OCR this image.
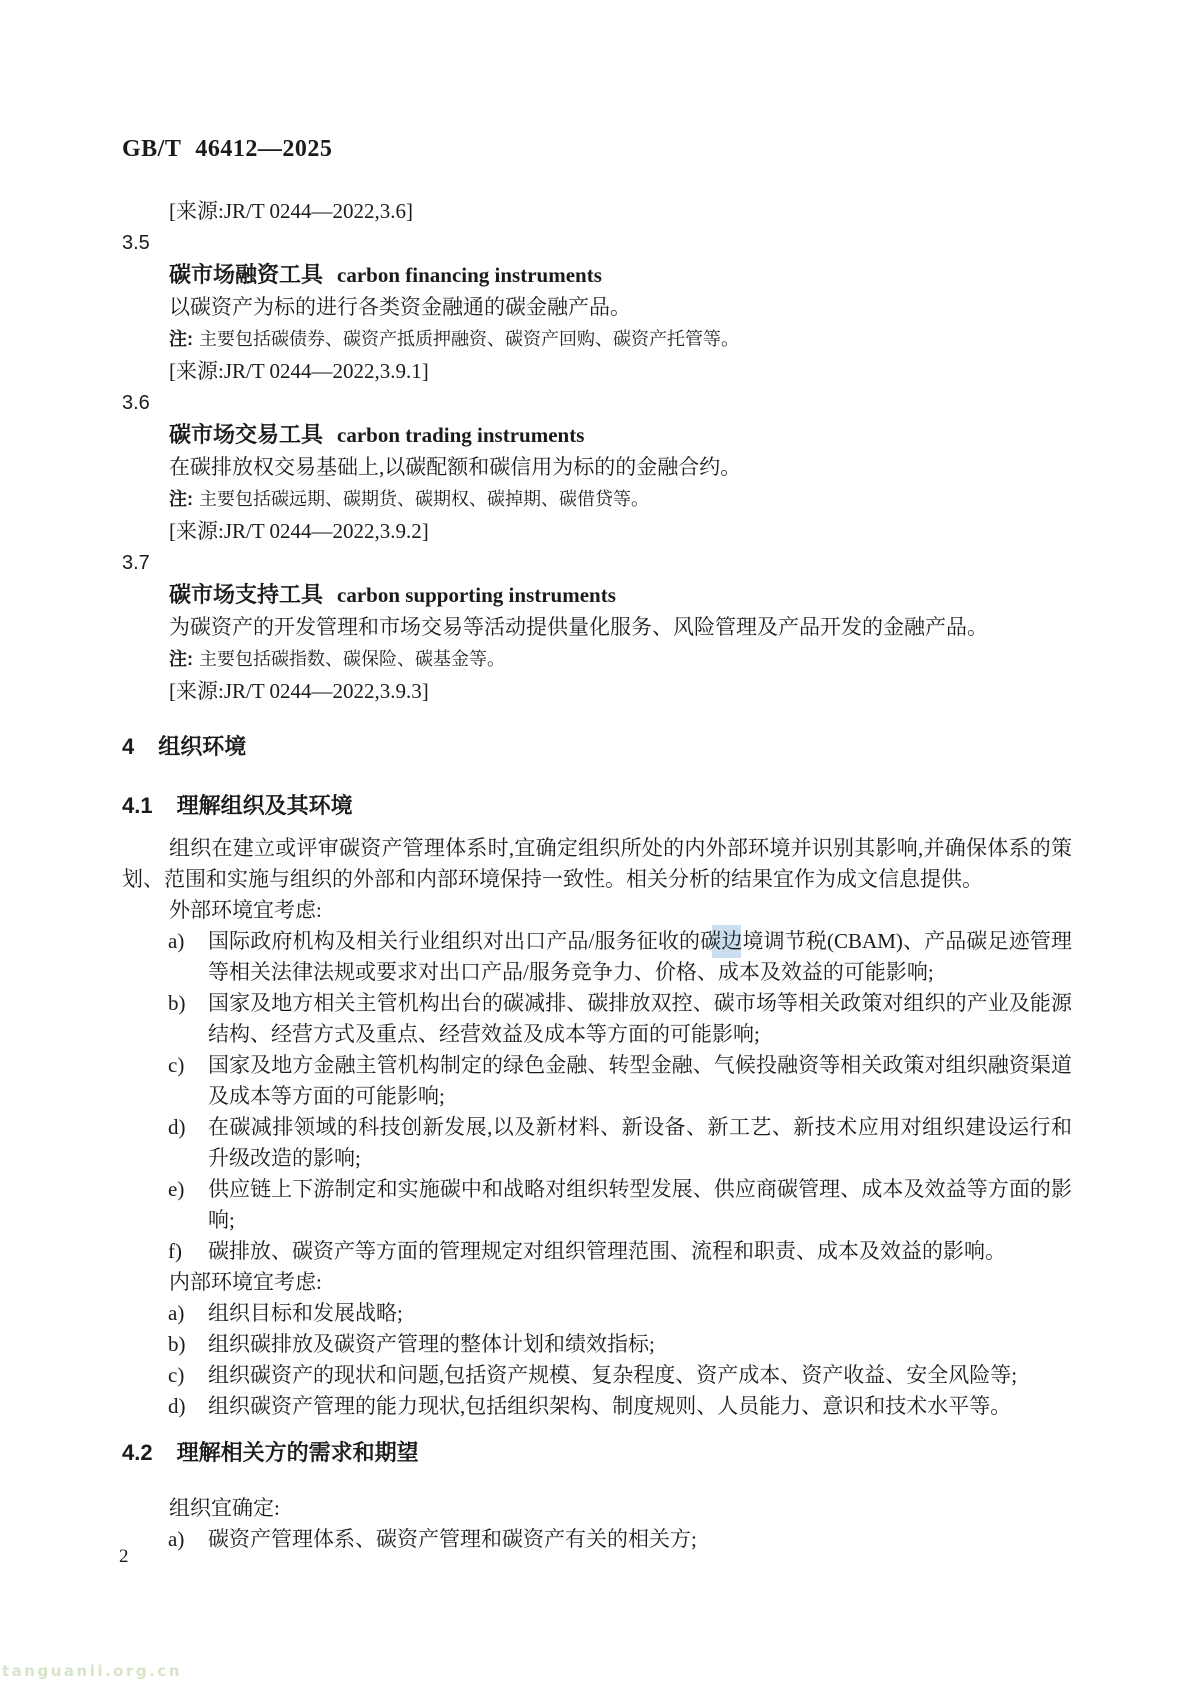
GB/T 46412—2025
[来源:JR/T 0244—2022,3.6]
3.5
碳市场融资工具 carbon financing instruments
以碳资产为标的进行各类资金融通的碳金融产品。
注: 主要包括碳债券、碳资产抵质押融资、碳资产回购、碳资产托管等。
[来源:JR/T 0244—2022,3.9.1]
3.6
碳市场交易工具 carbon trading instruments
在碳排放权交易基础上,以碳配额和碳信用为标的的金融合约。
注: 主要包括碳远期、碳期货、碳期权、碳掉期、碳借贷等。
[来源:JR/T 0244—2022,3.9.2]
3.7
碳市场支持工具 carbon supporting instruments
为碳资产的开发管理和市场交易等活动提供量化服务、风险管理及产品开发的金融产品。
注: 主要包括碳指数、碳保险、碳基金等。
[来源:JR/T 0244—2022,3.9.3]
4 组织环境
4.1 理解组织及其环境
组织在建立或评审碳资产管理体系时,宜确定组织所处的内外部环境并识别其影响,并确保体系的策划、范围和实施与组织的外部和内部环境保持一致性。相关分析的结果宜作为成文信息提供。
外部环境宜考虑:
a) 国际政府机构及相关行业组织对出口产品/服务征收的碳边境调节税(CBAM)、产品碳足迹管理等相关法律法规或要求对出口产品/服务竞争力、价格、成本及效益的可能影响;
b) 国家及地方相关主管机构出台的碳减排、碳排放双控、碳市场等相关政策对组织的产业及能源结构、经营方式及重点、经营效益及成本等方面的可能影响;
c) 国家及地方金融主管机构制定的绿色金融、转型金融、气候投融资等相关政策对组织融资渠道及成本等方面的可能影响;
d) 在碳减排领域的科技创新发展,以及新材料、新设备、新工艺、新技术应用对组织建设运行和升级改造的影响;
e) 供应链上下游制定和实施碳中和战略对组织转型发展、供应商碳管理、成本及效益等方面的影响;
f) 碳排放、碳资产等方面的管理规定对组织管理范围、流程和职责、成本及效益的影响。
内部环境宜考虑:
a) 组织目标和发展战略;
b) 组织碳排放及碳资产管理的整体计划和绩效指标;
c) 组织碳资产的现状和问题,包括资产规模、复杂程度、资产成本、资产收益、安全风险等;
d) 组织碳资产管理的能力现状,包括组织架构、制度规则、人员能力、意识和技术水平等。
4.2 理解相关方的需求和期望
组织宜确定:
a) 碳资产管理体系、碳资产管理和碳资产有关的相关方;
2
tanguanli.org.cn
